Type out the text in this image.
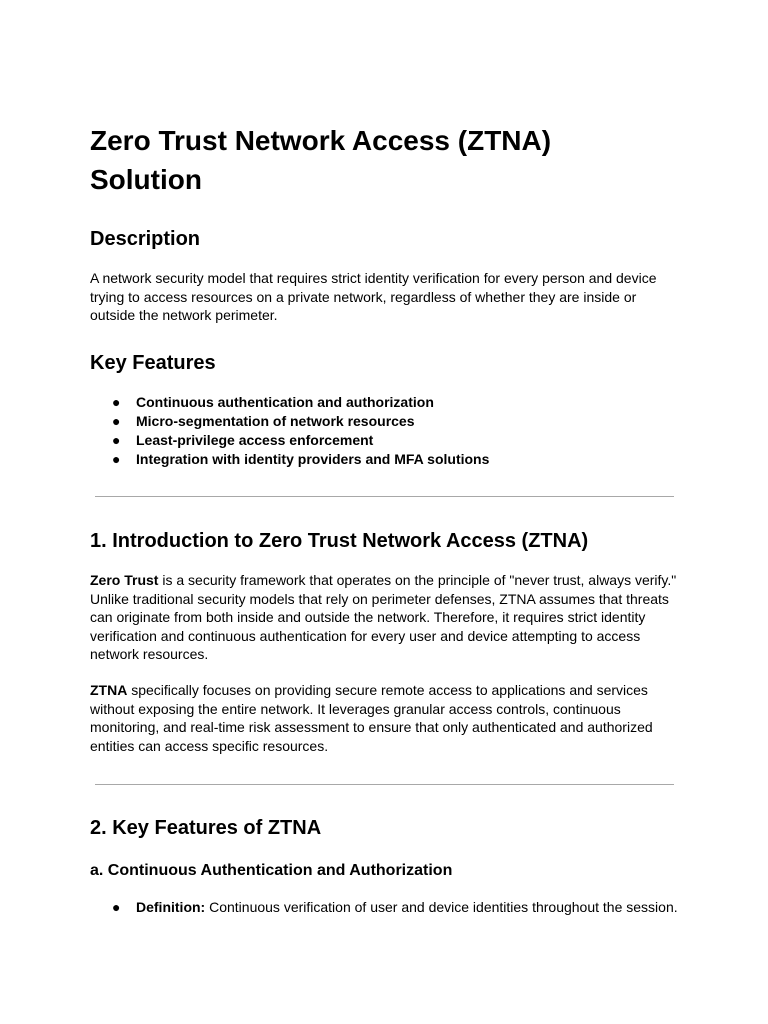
Zero Trust Network Access (ZTNA) Solution
Description

A network security model that requires strict identity verification for every person and device trying to access resources on a private network, regardless of whether they are inside or outside the network perimeter.

Key Features
● Continuous authentication and authorization
● Micro-segmentation of network resources
● Least-privilege access enforcement
● Integration with identity providers and MFA solutions
1. Introduction to Zero Trust Network Access (ZTNA)

Zero Trust is a security framework that operates on the principle of "never trust, always verify." Unlike traditional security models that rely on perimeter defenses, ZTNA assumes that threats can originate from both inside and outside the network. Therefore, it requires strict identity verification and continuous authentication for every user and device attempting to access network resources.

ZTNA specifically focuses on providing secure remote access to applications and services without exposing the entire network. It leverages granular access controls, continuous monitoring, and real-time risk assessment to ensure that only authenticated and authorized entities can access specific resources.

2. Key Features of ZTNA
a. Continuous Authentication and Authorization
● Definition: Continuous verification of user and device identities throughout the session.
